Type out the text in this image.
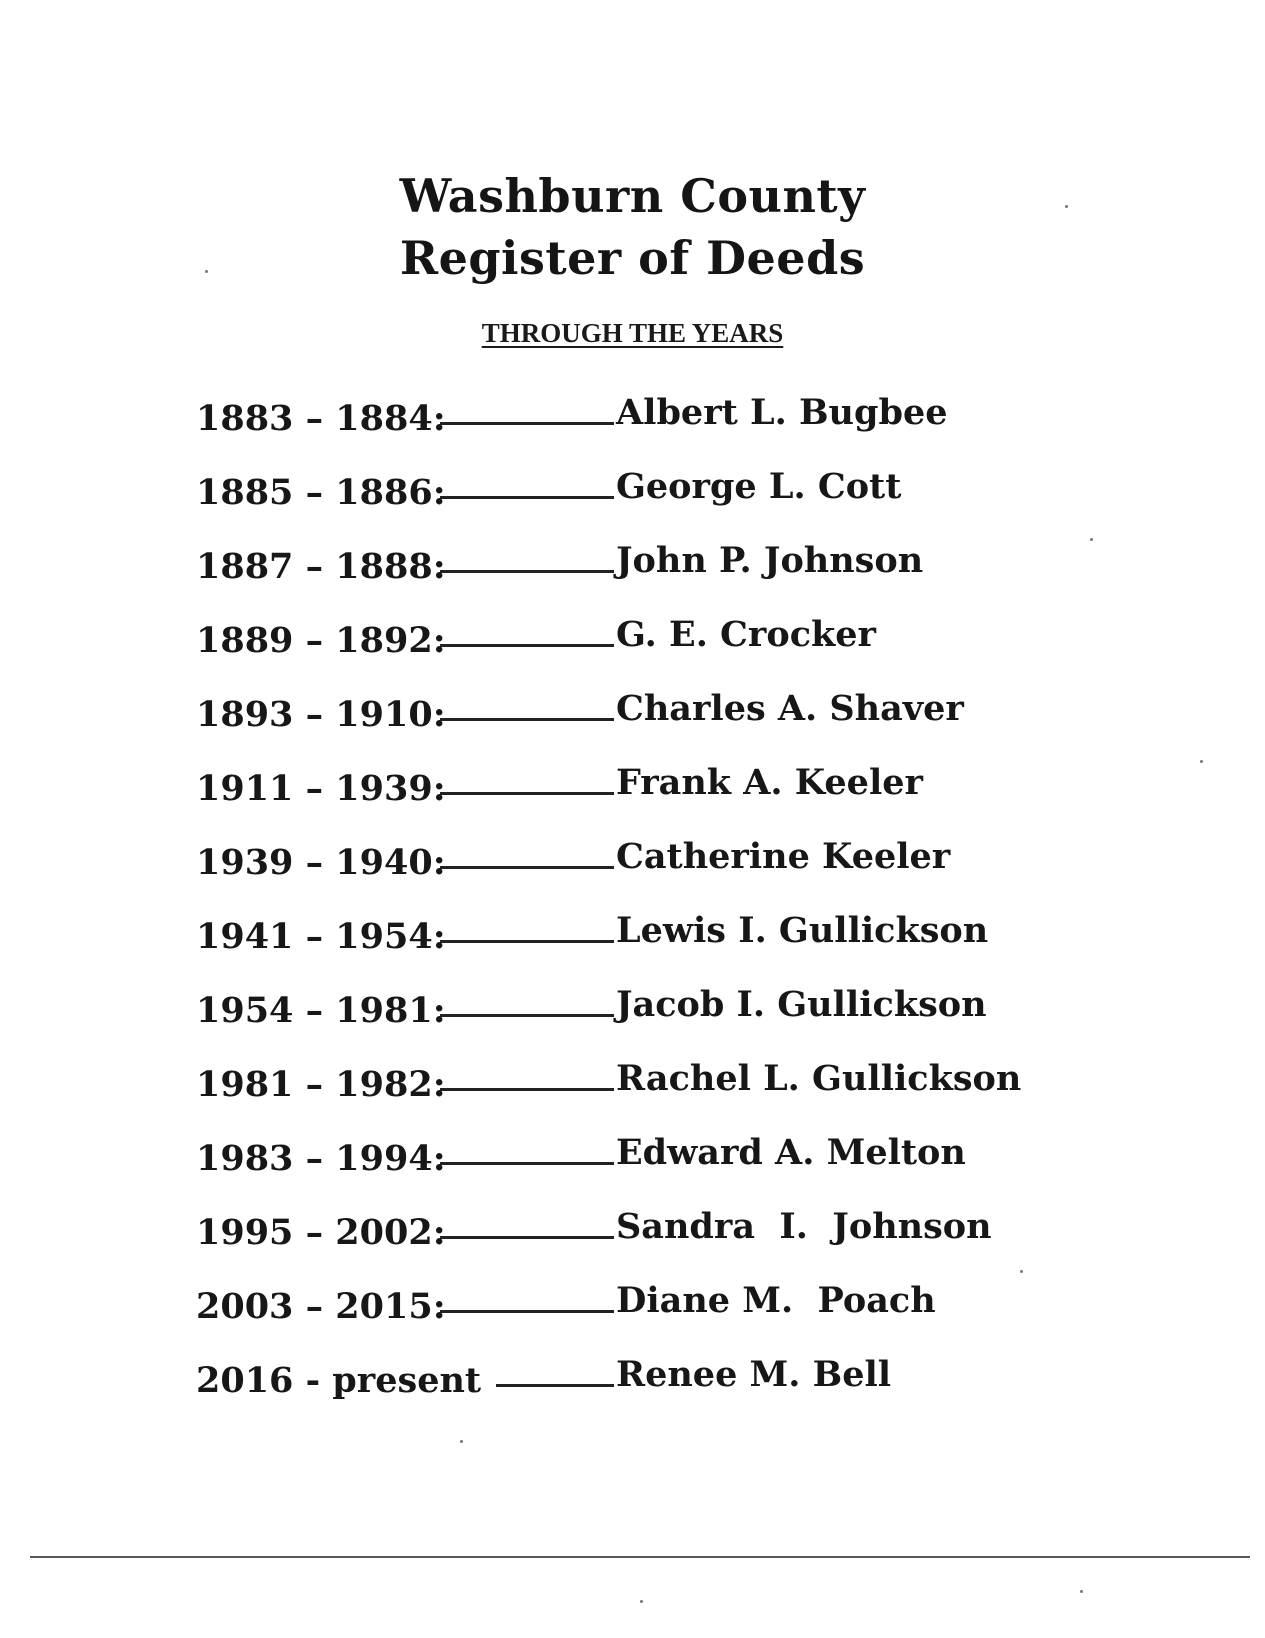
Washburn County
Register of Deeds
THROUGH THE YEARS
1883 – 1884:	Albert L. Bugbee
1885 – 1886:	George L. Cott
1887 – 1888:	John P. Johnson
1889 – 1892:	G. E. Crocker
1893 – 1910:	Charles A. Shaver
1911 – 1939:	Frank A. Keeler
1939 – 1940:	Catherine Keeler
1941 – 1954:	Lewis I. Gullickson
1954 – 1981:	Jacob I. Gullickson
1981 – 1982:	Rachel L. Gullickson
1983 – 1994:	Edward A. Melton
1995 – 2002:	Sandra  I.  Johnson
2003 – 2015:	Diane M.  Poach
2016 - present	Renee M. Bell
